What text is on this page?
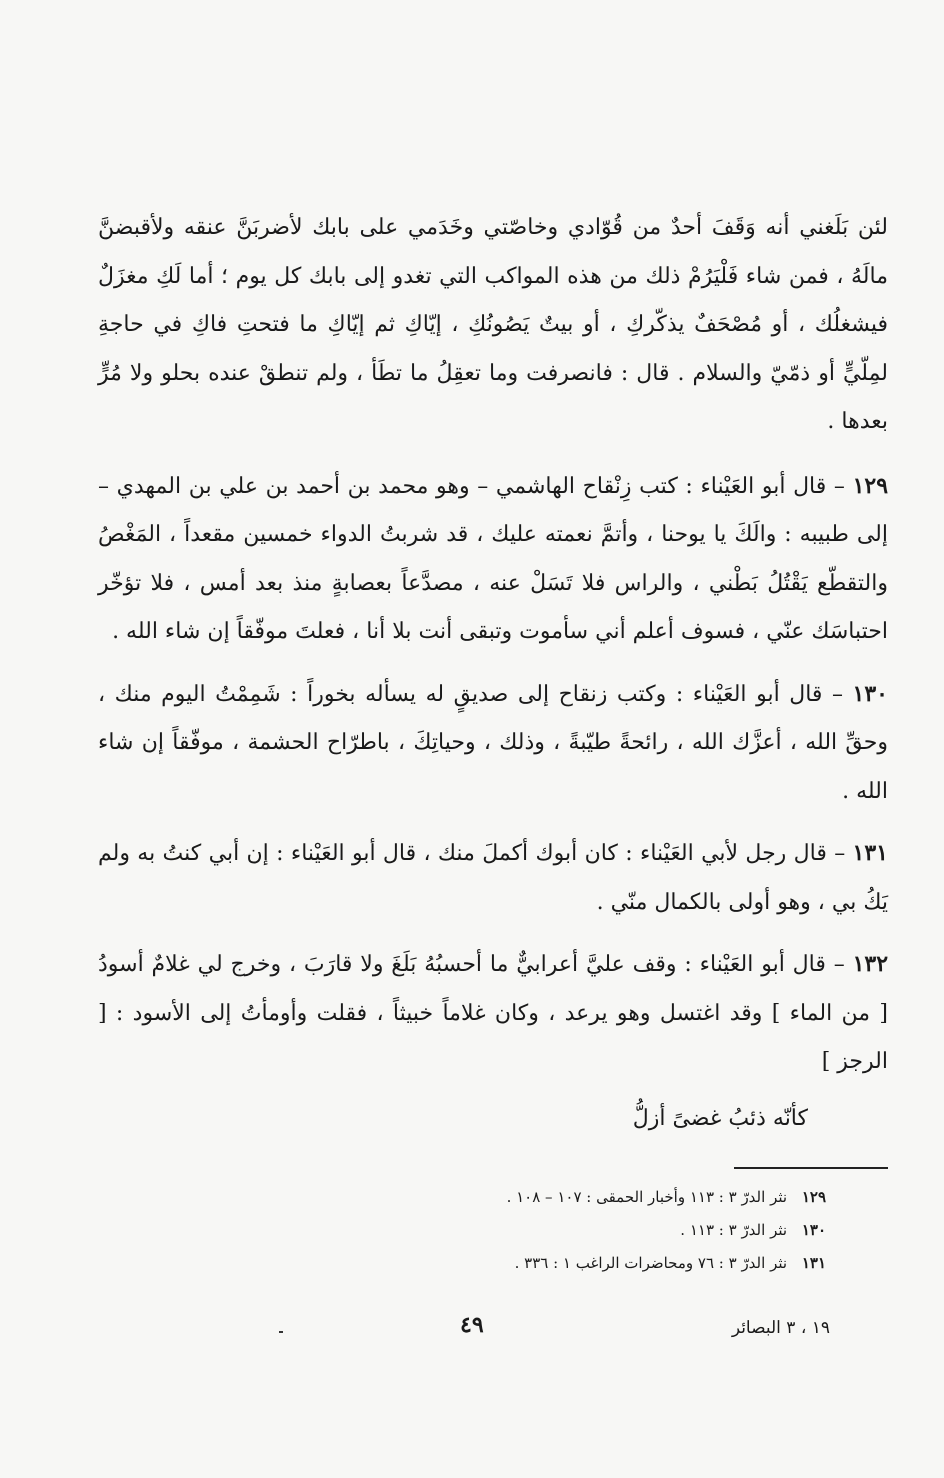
لئن بَلَغني أنه وَقَفَ أحدٌ من قُوّادي وخاصّتي وخَدَمي على بابك لأضربَنَّ عنقه ولأقبضنَّ مالَهُ ، فمن شاء فَلْيَرُمْ ذلك من هذه المواكب التي تغدو إلى بابك كل يوم ؛ أما لَكِ مغزَلٌ فيشغلُك ، أو مُصْحَفٌ يذكّركِ ، أو بيتٌ يَصُونُكِ ، إيّاكِ ثم إيّاكِ ما فتحتِ فاكِ في حاجةِ لمِلّيٍّ أو ذمّيّ والسلام . قال : فانصرفت وما تعقِلُ ما تطَأ ، ولم تنطقْ عنده بحلو ولا مُرٍّ بعدها .

١٢٩ – قال أبو العَيْناء : كتب زِنْقاح الهاشمي – وهو محمد بن أحمد بن علي بن المهدي – إلى طبيبه : والَكَ يا يوحنا ، وأتمَّ نعمته عليك ، قد شربتُ الدواء خمسين مقعداً ، المَغْصُ والتقطّع يَقْتُلُ بَطْني ، والراس فلا تَسَلْ عنه ، مصدَّعاً بعصابةٍ منذ بعد أمس ، فلا تؤخّر احتباسَك عنّي ، فسوف أعلم أني سأموت وتبقى أنت بلا أنا ، فعلتَ موفّقاً إن شاء الله .

١٣٠ – قال أبو العَيْناء : وكتب زنقاح إلى صديقٍ له يسأله بخوراً : شَمِمْتُ اليوم منك ، وحقِّ الله ، أعزَّك الله ، رائحةً طيّبةً ، وذلك ، وحياتِكَ ، باطرّاح الحشمة ، موفّقاً إن شاء الله .

١٣١ – قال رجل لأبي العَيْناء : كان أبوك أكملَ منك ، قال أبو العَيْناء : إن أبي كنتُ به ولم يَكُ بي ، وهو أولى بالكمال منّي .

١٣٢ – قال أبو العَيْناء : وقف عليَّ أعرابيٌّ ما أحسبُهُ بَلَغَ ولا قارَبَ ، وخرج لي غلامٌ أسودُ [ من الماء ] وقد اغتسل وهو يرعد ، وكان غلاماً خبيثاً ، فقلت وأومأتُ إلى الأسود : [ الرجز ]

كأنّه ذئبُ غضىً أزلُّ

١٢٩ نثر الدرّ ٣ : ١١٣ وأخبار الحمقى : ١٠٧ – ١٠٨ .

١٣٠ نثر الدرّ ٣ : ١١٣ .

١٣١ نثر الدرّ ٣ : ٧٦ ومحاضرات الراغب ١ : ٣٣٦ .

١٩ ، ٣ البصائر
٤٩
